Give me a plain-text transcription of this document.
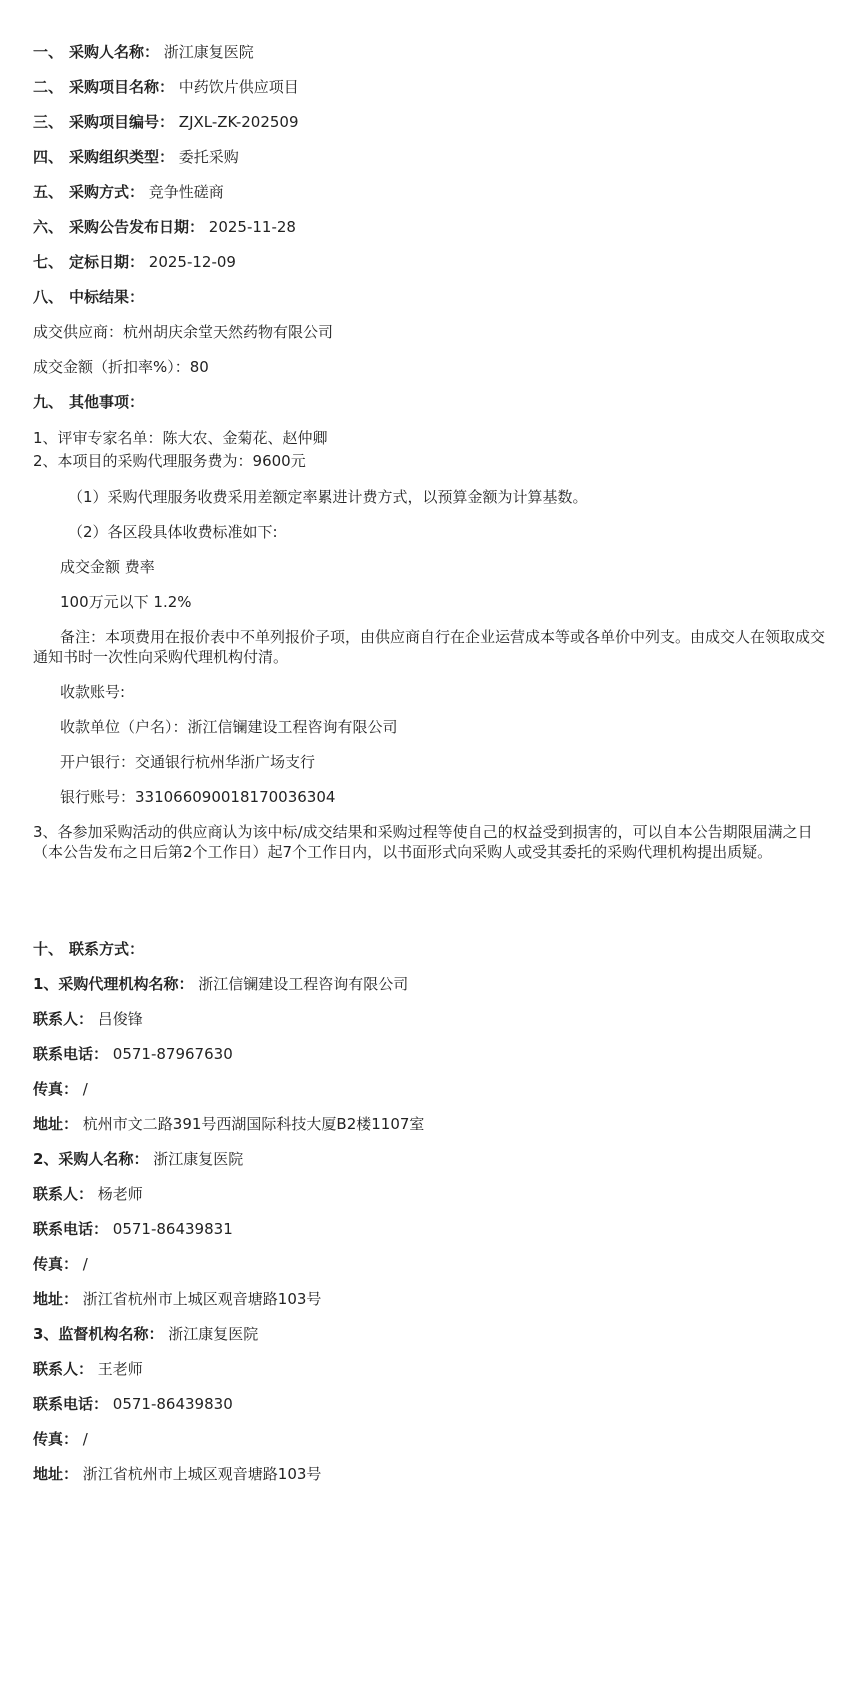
一、 采购人名称： 浙江康复医院
二、 采购项目名称： 中药饮片供应项目
三、 采购项目编号： ZJXL-ZK-202509
四、 采购组织类型： 委托采购
五、 采购方式： 竞争性磋商
六、 采购公告发布日期： 2025-11-28
七、 定标日期： 2025-12-09
八、 中标结果：
成交供应商：杭州胡庆余堂天然药物有限公司
成交金额（折扣率%）：80
九、 其他事项：
1、评审专家名单：陈大农、金菊花、赵仲卿
2、本项目的采购代理服务费为：9600元
（1）采购代理服务收费采用差额定率累进计费方式，以预算金额为计算基数。
（2）各区段具体收费标准如下:
成交金额 费率
100万元以下 1.2%
备注：本项费用在报价表中不单列报价子项，由供应商自行在企业运营成本等或各单价中列支。由成交人在领取成交通知书时一次性向采购代理机构付清。
收款账号:
收款单位（户名）：浙江信镧建设工程咨询有限公司
开户银行：交通银行杭州华浙广场支行
银行账号：331066090018170036304
3、各参加采购活动的供应商认为该中标/成交结果和采购过程等使自己的权益受到损害的，可以自本公告期限届满之日（本公告发布之日后第2个工作日）起7个工作日内，以书面形式向采购人或受其委托的采购代理机构提出质疑。
十、 联系方式：
1、采购代理机构名称： 浙江信镧建设工程咨询有限公司
联系人： 吕俊锋
联系电话： 0571-87967630
传真： /
地址： 杭州市文二路391号西湖国际科技大厦B2楼1107室
2、采购人名称： 浙江康复医院
联系人： 杨老师
联系电话： 0571-86439831
传真： /
地址： 浙江省杭州市上城区观音塘路103号
3、监督机构名称： 浙江康复医院
联系人： 王老师
联系电话： 0571-86439830
传真： /
地址： 浙江省杭州市上城区观音塘路103号
